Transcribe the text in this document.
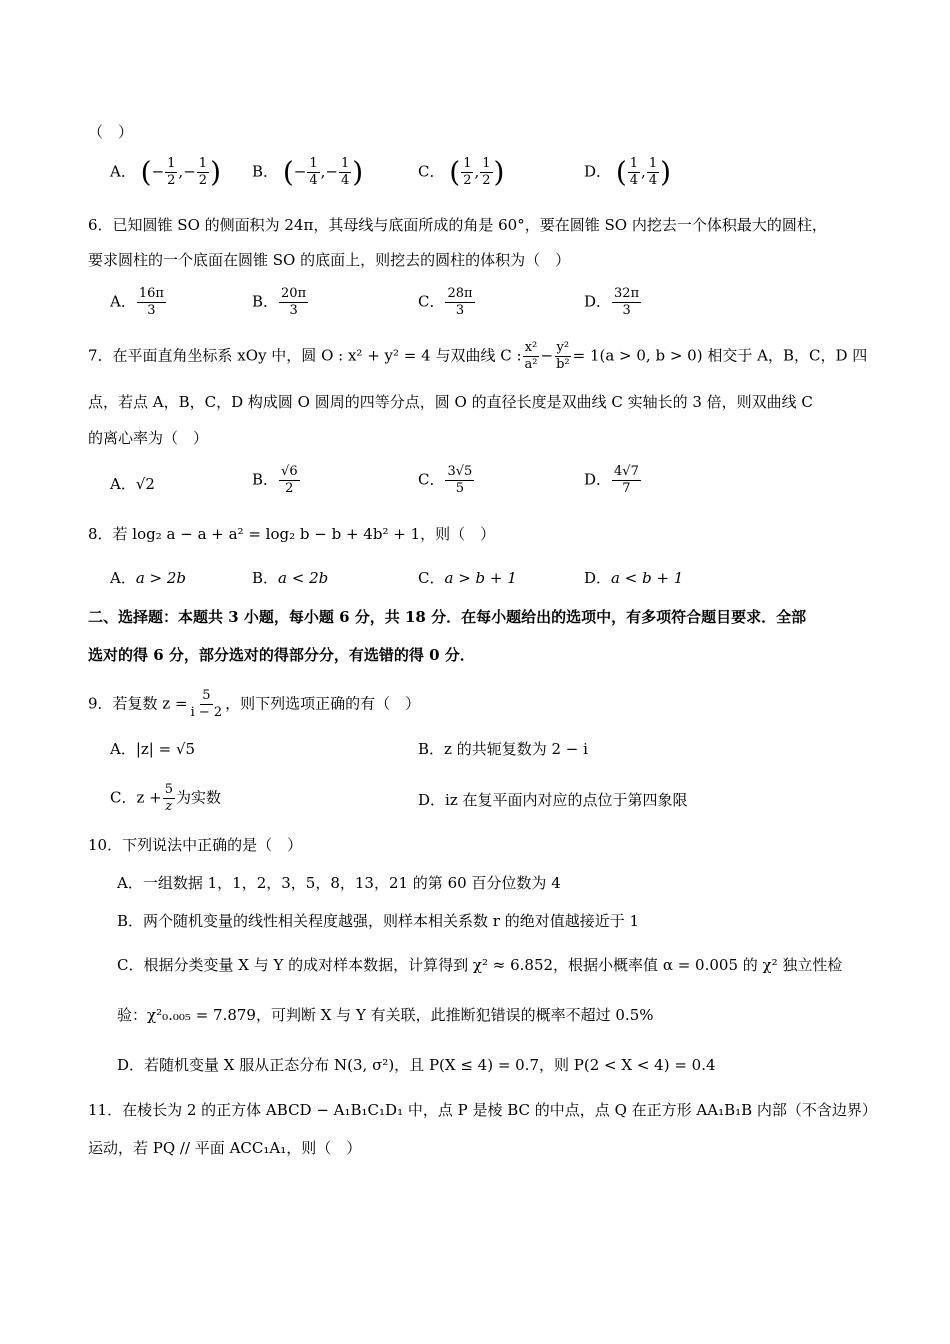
（　）
A． (− $\frac{1}{2}$ ,− $\frac{1}{2}$ ) B． (− $\frac{1}{4}$ ,− $\frac{1}{4}$ )	C． ( $\frac{1}{2}$ , $\frac{1}{2}$ )	D． ( $\frac{1}{4}$ , $\frac{1}{4}$ )
6．已知圆锥 SO 的侧面积为 24π，其母线与底面所成的角是 60°，要在圆锥 SO 内挖去一个体积最大的圆柱，
要求圆柱的一个底面在圆锥 SO 的底面上，则挖去的圆柱的体积为（　）
A． $\frac{16\pi}{3}$	B． $\frac{20\pi}{3}$	C． $\frac{28\pi}{3}$	D． $\frac{32\pi}{3}$
7．在平面直角坐标系 xOy 中，圆 O : x² + y² = 4 与双曲线 C : $\frac{\text{x²}}{\text{a²}} - \frac{\text{y²}}{\text{b²}} = 1(a > 0$, b > 0) 相交于 A，B，C，D 四
点，若点 A，B，C，D 构成圆 O 圆周的四等分点，圆 O 的直径长度是双曲线 C 实轴长的 3 倍，则双曲线 C
的离心率为（　）
A．√2	B． $\frac{√6}{2}$	C． $\frac{3√5}{5}$	D． $\frac{4√7}{7}$
8．若 log₂ a − a + a² = log₂ b − b + 4b² + 1，则（　）
A．a > 2b	B．a < 2b	C．a > b + 1	D．a < b + 1
二、选择题：本题共 3 小题，每小题 6 分，共 18 分．在每小题给出的选项中，有多项符合题目要求．全部
选对的得 6 分，部分选对的得部分分，有选错的得 0 分．
9．若复数 $z = \frac{5}{i - 2}$ ，则下列选项正确的有（　）
A．|z| = √5	B．z 的共轭复数为 2 − i
C．$z + \frac{5}{z}$ 为实数	D．iz 在复平面内对应的点位于第四象限
10．下列说法中正确的是（　）
A．一组数据 1，1，2，3，5，8，13，21 的第 60 百分位数为 4
B．两个随机变量的线性相关程度越强，则样本相关系数 r 的绝对值越接近于 1
C．根据分类变量 X 与 Y 的成对样本数据，计算得到 χ² ≈ 6.852，根据小概率值 α = 0.005 的 χ² 独立性检
验：χ²₀.₀₀₅ = 7.879，可判断 X 与 Y 有关联，此推断犯错误的概率不超过 0.5%
D．若随机变量 X 服从正态分布 N(3, σ²)，且 P(X ≤ 4) = 0.7，则 P(2 < X < 4) = 0.4
11．在棱长为 2 的正方体 ABCD − A₁B₁C₁D₁ 中，点 P 是棱 BC 的中点，点 Q 在正方形 AA₁B₁B 内部（不含边界）
运动，若 PQ // 平面 ACC₁A₁，则（　）
